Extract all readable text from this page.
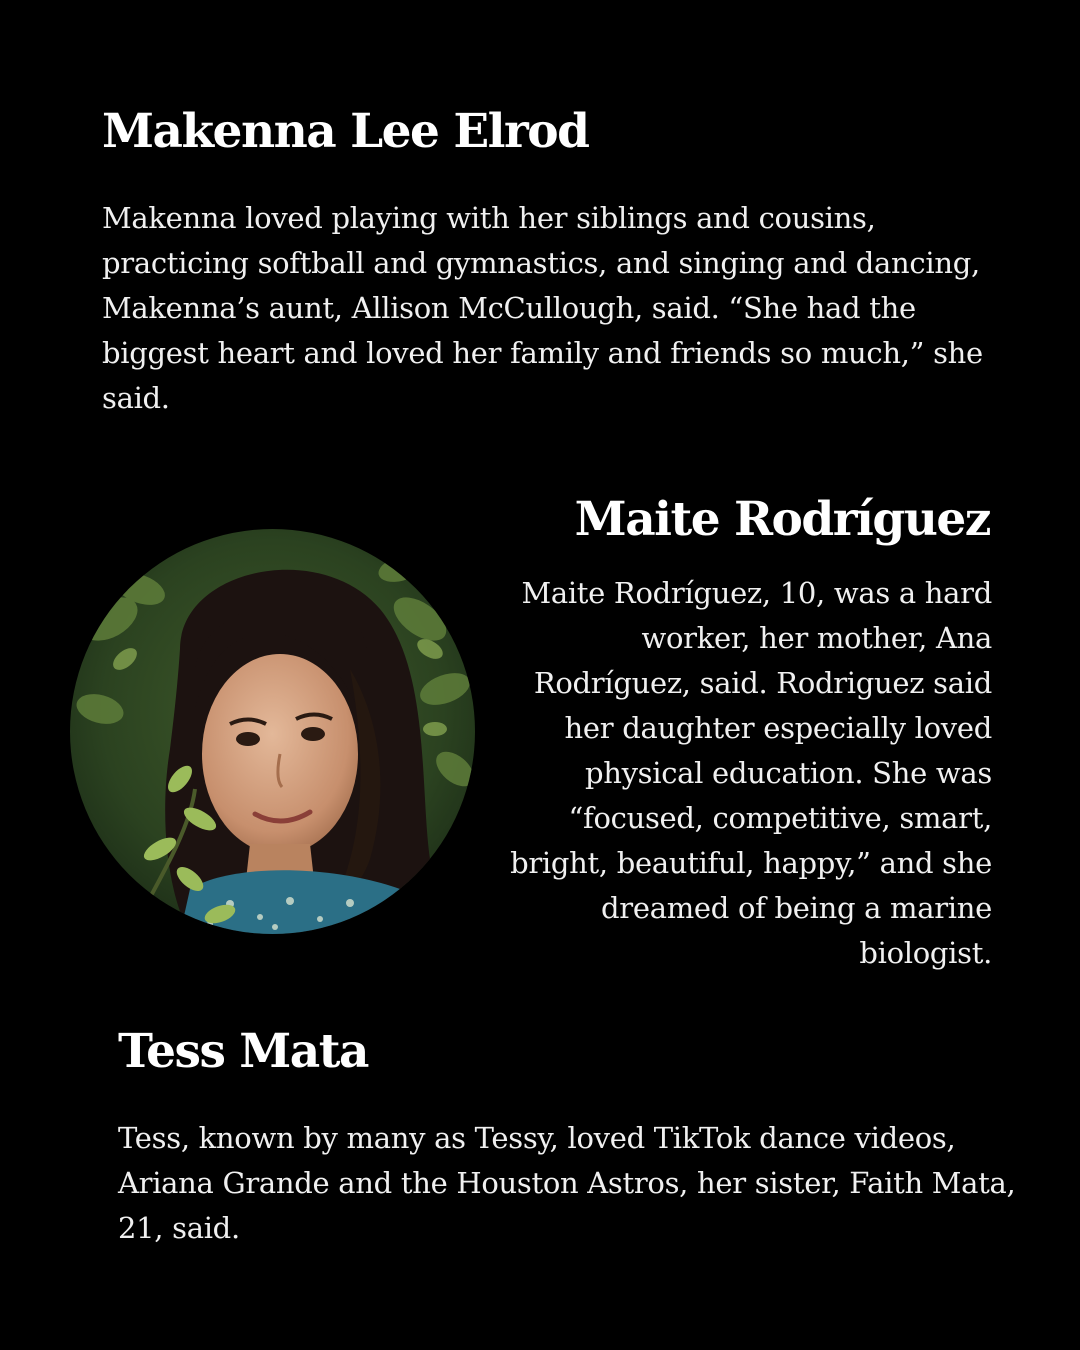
Makenna Lee Elrod

Makenna loved playing with her siblings and cousins, practicing softball and gymnastics, and singing and dancing, Makenna’s aunt, Allison McCullough, said. “She had the biggest heart and loved her family and friends so much,” she said.

Maite Rodríguez

Maite Rodríguez, 10, was a hard worker, her mother, Ana Rodríguez, said. Rodriguez said her daughter especially loved physical education. She was “focused, competitive, smart, bright, beautiful, happy,” and she dreamed of being a marine biologist.

Tess Mata

Tess, known by many as Tessy, loved TikTok dance videos, Ariana Grande and the Houston Astros, her sister, Faith Mata, 21, said.
